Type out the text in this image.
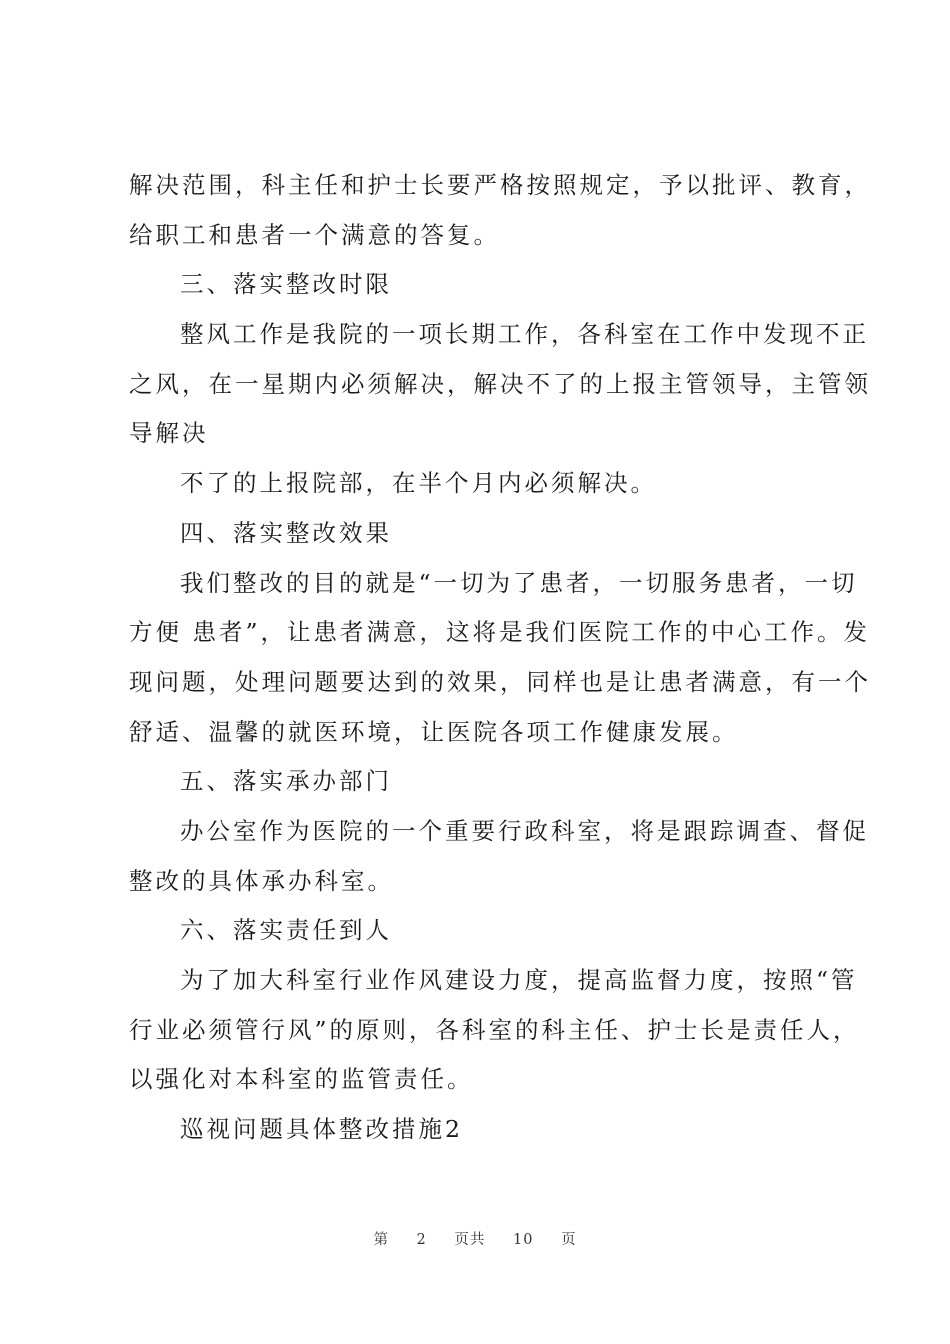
解决范围，科主任和护士长要严格按照规定，予以批评、教育，
给职工和患者一个满意的答复。
三、落实整改时限
整风工作是我院的一项长期工作，各科室在工作中发现不正
之风，在一星期内必须解决，解决不了的上报主管领导，主管领
导解决
不了的上报院部，在半个月内必须解决。
四、落实整改效果
我们整改的目的就是“一切为了患者，一切服务患者，一切
方便 患者”，让患者满意，这将是我们医院工作的中心工作。发
现问题，处理问题要达到的效果，同样也是让患者满意，有一个
舒适、温馨的就医环境，让医院各项工作健康发展。
五、落实承办部门
办公室作为医院的一个重要行政科室，将是跟踪调查、督促
整改的具体承办科室。
六、落实责任到人
为了加大科室行业作风建设力度，提高监督力度，按照“管
行业必须管行风”的原则，各科室的科主任、护士长是责任人，
以强化对本科室的监管责任。
巡视问题具体整改措施2
第 2 页共 10 页
